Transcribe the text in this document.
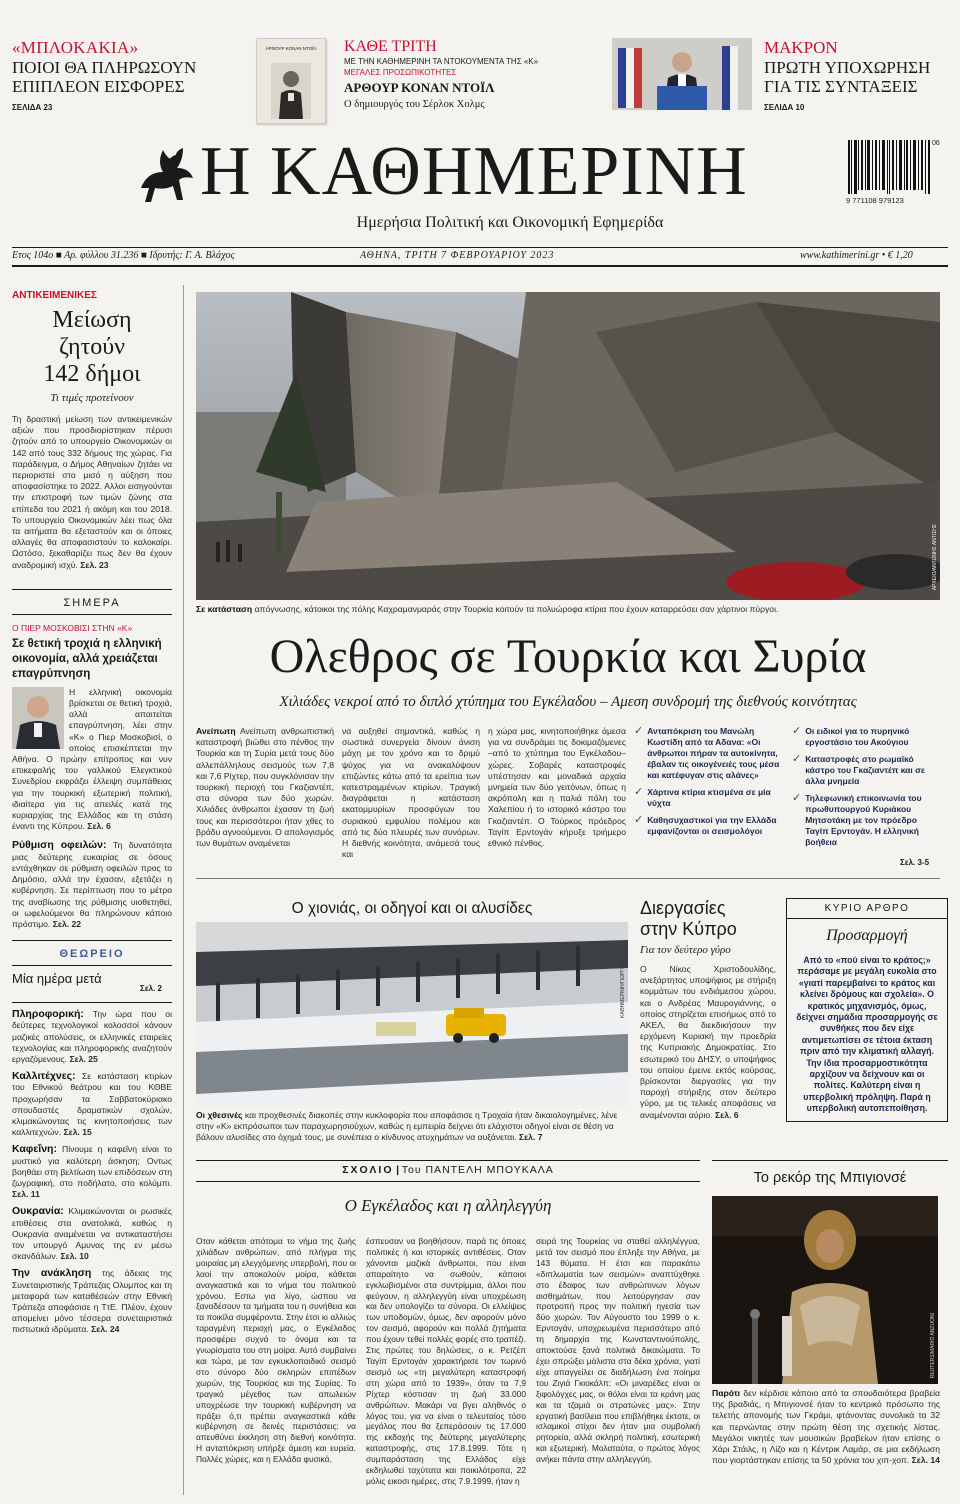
«ΜΠΛΟΚΑΚΙΑ»
ΠΟΙΟΙ ΘΑ ΠΛΗΡΩΣΟΥΝ
ΕΠΙΠΛΕΟΝ ΕΙΣΦΟΡΕΣ
ΣΕΛΙΔΑ 23
ΑΡΘΟΥΡ ΚΟΝΑΝ ΝΤΟΪΛ	ΚΑΘΕ ΤΡΙΤΗ
ΜΕ ΤΗΝ ΚΑΘΗΜΕΡΙΝΗ ΤΑ ΝΤΟΚΟΥΜΕΝΤΑ ΤΗΣ «Κ»
ΜΕΓΑΛΕΣ ΠΡΟΣΩΠΙΚΟΤΗΤΕΣ
ΑΡΘΟΥΡ ΚΟΝΑΝ ΝΤΟΪΛ
Ο δημιουργός του Σέρλοκ Χολμς
ΜΑΚΡΟΝ
ΠΡΩΤΗ ΥΠΟΧΩΡΗΣΗ
ΓΙΑ ΤΙΣ ΣΥΝΤΑΞΕΙΣ
ΣΕΛΙΔΑ 10
Η ΚΑΘΗΜΕΡΙΝΗ
Ημερήσια Πολιτική και Οικονομική Εφημερίδα
06
9 771108 979123
Ετος 104ο ■ Αρ. φύλλου 31.236 ■ Ιδρυτής: Γ. Α. Βλάχος	ΑΘΗΝΑ, ΤΡΙΤΗ 7 ΦΕΒΡΟΥΑΡΙΟΥ 2023	www.kathimerini.gr • € 1,20
ΑΝΤΙΚΕΙΜΕΝΙΚΕΣ
Μείωση
ζητούν
142 δήμοι
Τι τιμές προτείνουν
Τη δραστική μείωση των αντικειμενικών αξιών που προσδιορίστηκαν πέρυσι ζητούν από το υπουργείο Οικονομικών οι 142 από τους 332 δήμους της χώρας. Για παράδειγμα, ο Δήμος Αθηναίων ζητάει να περιοριστεί στο μισό η αύξηση που αποφασίστηκε το 2022. Αλλοι εισηγούνται την επιστροφή των τιμών ζώνης στα επίπεδα του 2021 ή ακόμη και του 2018. Το υπουργείο Οικονομικών λέει πως όλα τα αιτήματα θα εξεταστούν και οι όποιες αλλαγές θα αποφασιστούν το καλοκαίρι. Ωστόσο, ξεκαθαρίζει πως δεν θα έχουν αναδρομική ισχύ. Σελ. 23
ΣΗΜΕΡΑ
Ο ΠΙΕΡ ΜΟΣΚΟΒΙΣΙ ΣΤΗΝ «Κ»
Σε θετική τροχιά η ελληνική οικονομία, αλλά χρειάζεται επαγρύπνηση
Η ελληνική οικονομία βρίσκεται σε θετική τροχιά, αλλά απαιτείται επαγρύπνηση, λέει στην «Κ» ο Πιερ Μοσκοβισί, ο οποίος επισκέπτεται την Αθήνα. Ο πρώην επίτροπος και νυν επικεφαλής του γαλλικού Ελεγκτικού Συνεδρίου εκφράζει έλλειψη συμπάθειας για την τουρκική εξωτερική πολιτική, ιδιαίτερα για τις απειλές κατά της κυριαρχίας της Ελλάδος και τη στάση έναντι της Κύπρου. Σελ. 6
Ρύθμιση οφειλών: Τη δυνατότητα μιας δεύτερης ευκαιρίας σε όσους εντάχθηκαν σε ρύθμιση οφειλών προς το Δημόσιο, αλλά την έχασαν, εξετάζει η κυβέρνηση. Σε περίπτωση που το μέτρο της αναβίωσης της ρύθμισης υιοθετηθεί, οι ωφελούμενοι θα πληρώνουν κάποιο πρόστιμο. Σελ. 22
ΘΕΩΡΕΙΟ
Μία ημέρα μετά
Σελ. 2
Πληροφορική: Την ώρα που οι δεύτερες τεχνολογικοί κολοσσοί κάνουν μαζικές απολύσεις, οι ελληνικές εταιρείες τεχνολογίας και πληροφορικής αναζητούν εργαζόμενους. Σελ. 25
Καλλιτέχνες: Σε κατάσταση κτιρίων του Εθνικού θεάτρου και του ΚΘΒΕ προχωρήσαν τα Σαββατοκύριακο σπουδαστές δραματικών σχολών, κλιμακώνοντας τις κινητοποιήσεις των καλλιτεχνών. Σελ. 15
Καφεΐνη: Πίνουμε η καφεΐνη είναι το μυστικό για καλύτερη άσκηση; Οντως βοηθάει στη βελτίωση των επιδόσεων στη ζωγραφική, στο ποδήλατο, στο κολύμπι. Σελ. 11
Ουκρανία: Κλιμακώνονται οι ρωσικές επιθέσεις στα ανατολικά, καθώς η Ουκρανία αναμένεται να αντικαταστήσει τον υπουργό Αμυνας της εν μέσω σκανδάλων. Σελ. 10
Την ανάκληση της άδειας της Συνεταιριστικής Τράπεζας Ολυμπος και τη μεταφορά των καταθέσεών στην Εθνική Τράπεζα αποφάσισε η ΤτΕ. Πλέον, έχουν απομείνει μόνο τέσσερα συνεταιριστικά πιστωτικά ιδρύματα. Σελ. 24
ΑΡΧΕΙΟ/ΑΝΤΩΝΗΣ ΑΝΤΙΣΗΣ
Σε κατάσταση απόγνωσης, κάτοικοι της πόλης Καχραμανμαράς στην Τουρκία κοιτούν τα πολυώροφα κτίρια που έχουν καταρρεύσει σαν χάρτινοι πύργοι.
Ολεθρος σε Τουρκία και Συρία
Χιλιάδες νεκροί από το διπλό χτύπημα του Εγκέλαδου – Αμεση συνδρομή της διεθνούς κοινότητας
Ανείπωτη Ανείπωτη ανθρωπιστική καταστροφή βιώθει στο πένθος την Τουρκία και τη Συρία μετά τους δύο αλλεπάλληλους σεισμούς των 7,8 και 7,6 Ρίχτερ, που συγκλόνισαν την τουρκική περιοχή του Γκαζιαντέπ, στα σύνορα των δύο χωρών. Χιλιάδες άνθρωποι έχασαν τη ζωή τους και περισσότεροι ήταν χθες το βράδυ αγνοούμενοι. Ο απολογισμός των θυμάτων αναμένεται
να αυξηθεί σημαντικά, καθώς η σωστικά συνεργεία δίνουν άνιση μάχη με τον χρόνο και το δριμύ ψύχος για να ανακαλύψουν επιζώντες κάτω από τα ερείπια των κατεστραμμένων κτιρίων. Τραγική διαγράφεται η κατάσταση εκατομμυρίων προσφύγων του συριακού εμφυλίου πολέμου και από τις δύο πλευρές των συνόρων. Η διεθνής κοινότητα, ανάμεσά τους και
η χώρα μας, κινητοποιήθηκε άμεσα για να συνδράμει τις δοκιμαζόμενες –από το χτύπημα του Εγκέλαδου– χώρες. Σοβαρές καταστροφές υπέστησαν και μοναδικά αρχαία μνημεία των δύο γειτόνων, όπως η ακρόπολη και η παλιά πόλη του Χαλεπίου ή το ιστορικό κάστρο του Γκαζιαντέπ. Ο Τούρκος πρόεδρος Ταγίπ Ερντογάν κήρυξε τριήμερο εθνικό πένθος.
✓ Ανταπόκριση του Μανώλη Κωστίδη από τα Αδανα: «Οι άνθρωποι πήραν τα αυτοκίνητα, έβαλαν τις οικογένειές τους μέσα και κατέφυγαν στις αλάνες»
✓ Χάρτινα κτίρια κτισμένα σε μία νύχτα
✓ Καθησυχαστικοί για την Ελλάδα εμφανίζονται οι σεισμολόγοι
✓ Οι ειδικοί για το πυρηνικό εργοστάσιο του Ακούγιου
✓ Καταστροφές στο ρωμαϊκό κάστρο του Γκαζιαντέπ και σε άλλα μνημεία
✓ Τηλεφωνική επικοινωνία του πρωθυπουργού Κυριάκου Μητσοτάκη με τον πρόεδρο Ταγίπ Ερντογάν. Η ελληνική βοήθεια
Σελ. 3-5
Ο χιονιάς, οι οδηγοί και οι αλυσίδες
ΚΑΘΗΜΕΡΙΝΗ/ΓΙΩΡΓΟΣ
Οι χθεσινές και προχθεσινές διακοπές στην κυκλοφορία που αποφάσισε η Τροχαία ήταν δικαιολογημένες, λένε στην «Κ» εκπρόσωποι των παραχωρησιούχων, καθώς η εμπειρία δείχνει ότι ελάχιστοι οδηγοί είναι σε θέση να βάλουν αλυσίδες στο όχημά τους, με συνέπεια ο κίνδυνος ατυχημάτων να αυξάνεται. Σελ. 7
Διεργασίες
στην Κύπρο
Για τον δεύτερο γύρο
Ο Νίκος Χριστοδουλίδης, ανεξάρτητος υποψήφιος με στήριξη κομμάτων του ενδιάμεσου χώρου, και ο Ανδρέας Μαυρογιάννης, ο οποίος στηρίζεται επισήμως από το ΑΚΕΛ, θα διεκδικήσουν την ερχόμενη Κυριακή την προεδρία της Κυπριακής Δημοκρατίας. Στο εσωτερικό του ΔΗΣΥ, ο υποψήφιος του οποίου έμεινε εκτός κούρσας, βρίσκονται διεργασίες για την παροχή στήριξης στον δεύτερο γύρο, με τις τελικές αποφάσεις να αναμένονται αύριο. Σελ. 6
ΚΥΡΙΟ ΑΡΘΡΟ
Προσαρμογή
Από το «πού είναι το κράτος;» περάσαμε με μεγάλη ευκολία στο «γιατί παρεμβαίνει το κράτος και κλείνει δρόμους και σχολεία». Ο κρατικός μηχανισμός, όμως, δείχνει σημάδια προσαρμογής σε συνθήκες που δεν είχε αντιμετωπίσει σε τέτοια έκταση πριν από την κλιματική αλλαγή. Την ίδια προσαρμοστικότητα αρχίζουν να δείχνουν και οι πολίτες. Καλύτερη είναι η υπερβολική πρόληψη. Παρά η υπερβολική αυτοπεποίθηση.
ΣΧΟΛΙΟ | Του ΠΑΝΤΕΛΗ ΜΠΟΥΚΑΛΑ
Ο Εγκέλαδος και η αλληλεγγύη
Οταν κάθεται απότομα το νήμα της ζωής χιλιάδων ανθρώπων, από πλήγμα της μοιραίας μη ελεγχόμενης υπερβολή, που οι λαοί την αποκαλούν μοίρα, κάθεται αναγκαστικά και το νήμα του πολιτικού χρόνου. Εστω για λίγο, ώσπου να ξαναδέσουν τα τμήματα του η συνήθεια και τα ποικίλα συμφέροντα. Στην έτσι κι αλλιώς ταραγμένη περιοχή μας, ο Εγκέλαδος προσφέρει συχνά το όνομα και τα γνωρίσματα του στη μοίρα. Αυτό συμβαίνει και τώρα, με τον εγκυκλοπαιδικό σεισμό στο σύνορο δύο σκληρών επιπέδων χωρών, της Τουρκίας και της Συρίας. Το τραγικό μέγεθος των απωλειών υποχρέωσε την τουρκική κυβέρνηση να πράξει ό,τι πρέπει αναγκαστικά κάθε κυβέρνηση σε δεινές περιστάσεις: να απευθύνει έκκληση στη διεθνή κοινότητα. Η ανταπόκριση υπήρξε άμεση και ευρεία. Πολλές χώρες, και η Ελλάδα φυσικά,
έσπευσαν να βοηθήσουν, παρά τις όποιες πολιτικές ή και ιστορικές αντιθέσεις. Οταν χάνονται μαζικά άνθρωποι, που είναι απαραίτητο να σωθούν, κάποιοι εγκλωβισμένοι στα συντρίμμια, άλλοι που φεύγουν, η αλληλεγγύη είναι υποχρέωση και δεν υπολογίζει τα σύνορα. Οι ελλείψεις των υποδομών, όμως, δεν αφορούν μόνο τον σεισμό, αφορούν και πολλά ζητήματα που έχουν τεθεί πολλές φορές στο τραπέζι. Στις πρώτες του δηλώσεις, ο κ. Ρετζέπ Ταγίπ Ερντογάν χαρακτήρισε τον τωρινό σεισμό ως «τη μεγαλύτερη καταστροφή στη χώρα από το 1939», όταν τα 7,9 Ρίχτερ κόστισαν τη ζωή 33.000 ανθρώπων. Μακάρι να βγει αληθινός ο λόγος του, για να είναι ο τελευταίος τόσο μεγάλος που θα ξεπεράσουν τις 17.000 της εκδοχής της δεύτερης μεγαλύτερης καταστροφής, στις 17.8.1999. Τότε η συμπαράσταση της Ελλάδος είχε εκδηλωθεί ταχύτατα και ποικιλότροπα, 22 μόλις εικοσι ημέρες, στις 7.9.1999, ήταν η
σειρά της Τουρκίας να σταθεί αλληλέγγυα, μετά τον σεισμό που έπληξε την Αθήνα, με 143 θύματα. Η έτσι και παρακάτω «διπλωματία των σεισμών» αναπτύχθηκε στο έδαφος των ανθρώπινων λόγων αισθημάτων, που λειτούργησαν σαν προτροπή προς την πολιτική ηγεσία των δύο χωρών. Τον Αύγουστο του 1999 ο κ. Ερντογάν, υποχρεωμένα περισσότερο από τη δημαρχία της Κωνσταντινούπολης, αποκτούσε ξανά πολιτικά δικαιώματα. Το έχει σπρώξει μάλιστα στα δέκα χρόνια, γιατί είχε απαγγείλει σε διαδήλωση ένα ποίημα του Ζιγιά Γκιοκάλπ: «Οι μιναρέδες είναι οι ξιφολόγχες μας, οι θόλοι είναι τα κράνη μας και τα τζαμιά οι στρατώνες μας». Στην εργατική βασίλεια που επιβλήθηκε έκτοτε, οι ισλαμικοί στίχοι δεν ήταν μια συμβολική ρητορεία, αλλά σκληρή πολιτική, εσωτερική και εξωτερική. Μολαταύτα, ο πρώτος λόγος ανήκει πάντα στην αλληλεγγύη.
Το ρεκόρ της Μπιγιονσέ
REUTERS/MARIO ANZUONI
Παρότι δεν κέρδισε κάποιο από τα σπουδαιότερα βραβεία της βραδιάς, η Μπιγιονσέ ήταν το κεντρικό πρόσωπο της τελετής απονομής των Γκράμι, φτάνοντας συνολικά τα 32 και περνώντας στην πρώτη θέση της σχετικής λίστας. Μεγάλοι νικητές των μουσικών βραβείων ήταν επίσης ο Χάρι Στάιλς, η Λίζο και η Κέντρικ Λαμάρ, σε μια εκδήλωση που γιορτάστηκαν επίσης τα 50 χρόνια του χιπ-χοπ. Σελ. 14
